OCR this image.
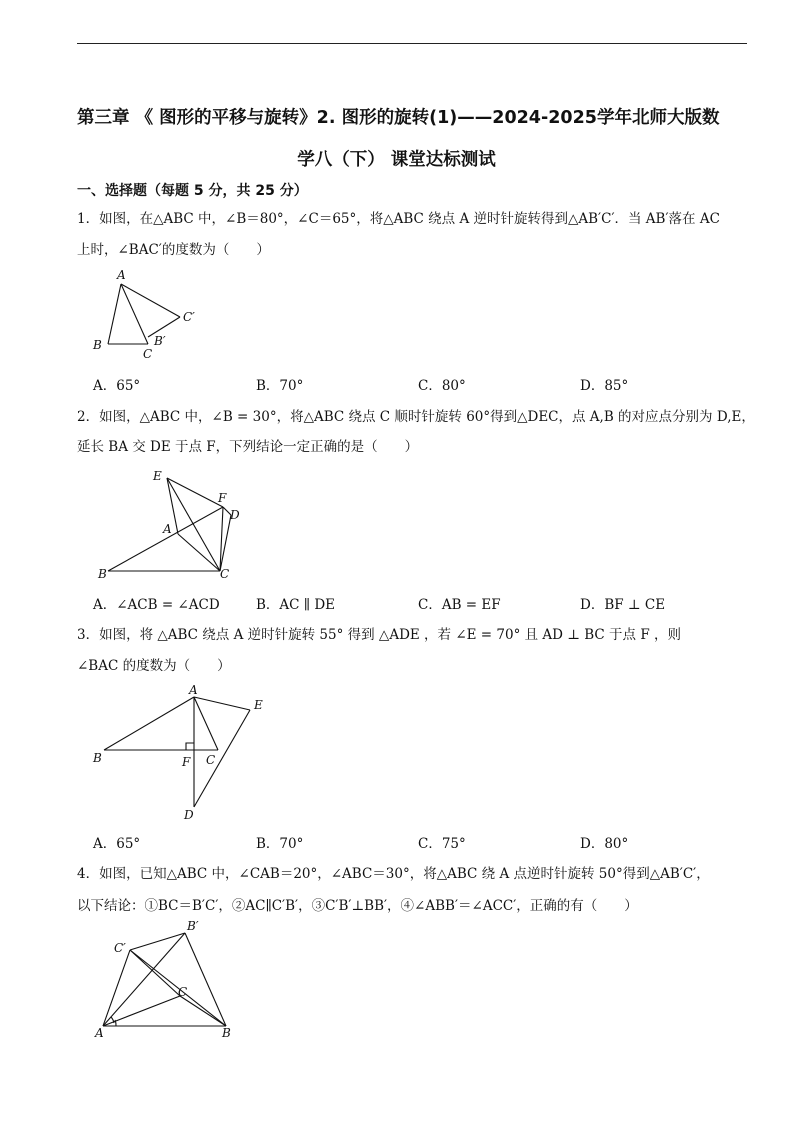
第三章 《 图形的平移与旋转》2. 图形的旋转(1)——2024-2025学年北师大版数
学八（下） 课堂达标测试
一、选择题（每题 5 分，共 25 分）
1．如图，在△ABC 中，∠B＝80°，∠C＝65°，将△ABC 绕点 A 逆时针旋转得到△AB′C′．当 AB′落在 AC
上时，∠BAC′的度数为（　　）
A
B
C
B′
C′
A．65°	B．70°	C．80°	D．85°
2．如图，△ABC 中，∠B = 30°，将△ABC 绕点 C 顺时针旋转 60°得到△DEC，点 A,B 的对应点分别为 D,E，
延长 BA 交 DE 于点 F，下列结论一定正确的是（　　）
E
F
D
A
B	C
A．∠ACB = ∠ACD	B．AC ∥ DE	C．AB = EF	D．BF ⊥ CE
3．如图，将 △ABC 绕点 A 逆时针旋转 55° 得到 △ADE ，若 ∠E = 70° 且 AD ⊥ BC 于点 F ，则
∠BAC 的度数为（　　）
A
E
B	F C
D
A．65°	B．70°	C．75°	D．80°
4．如图，已知△ABC 中，∠CAB＝20°，∠ABC＝30°，将△ABC 绕 A 点逆时针旋转 50°得到△AB′C′，
以下结论：①BC＝B′C′，②AC∥C′B′，③C′B′⊥BB′，④∠ABB′＝∠ACC′，正确的有（　　）
B′
C′
C
A	B
